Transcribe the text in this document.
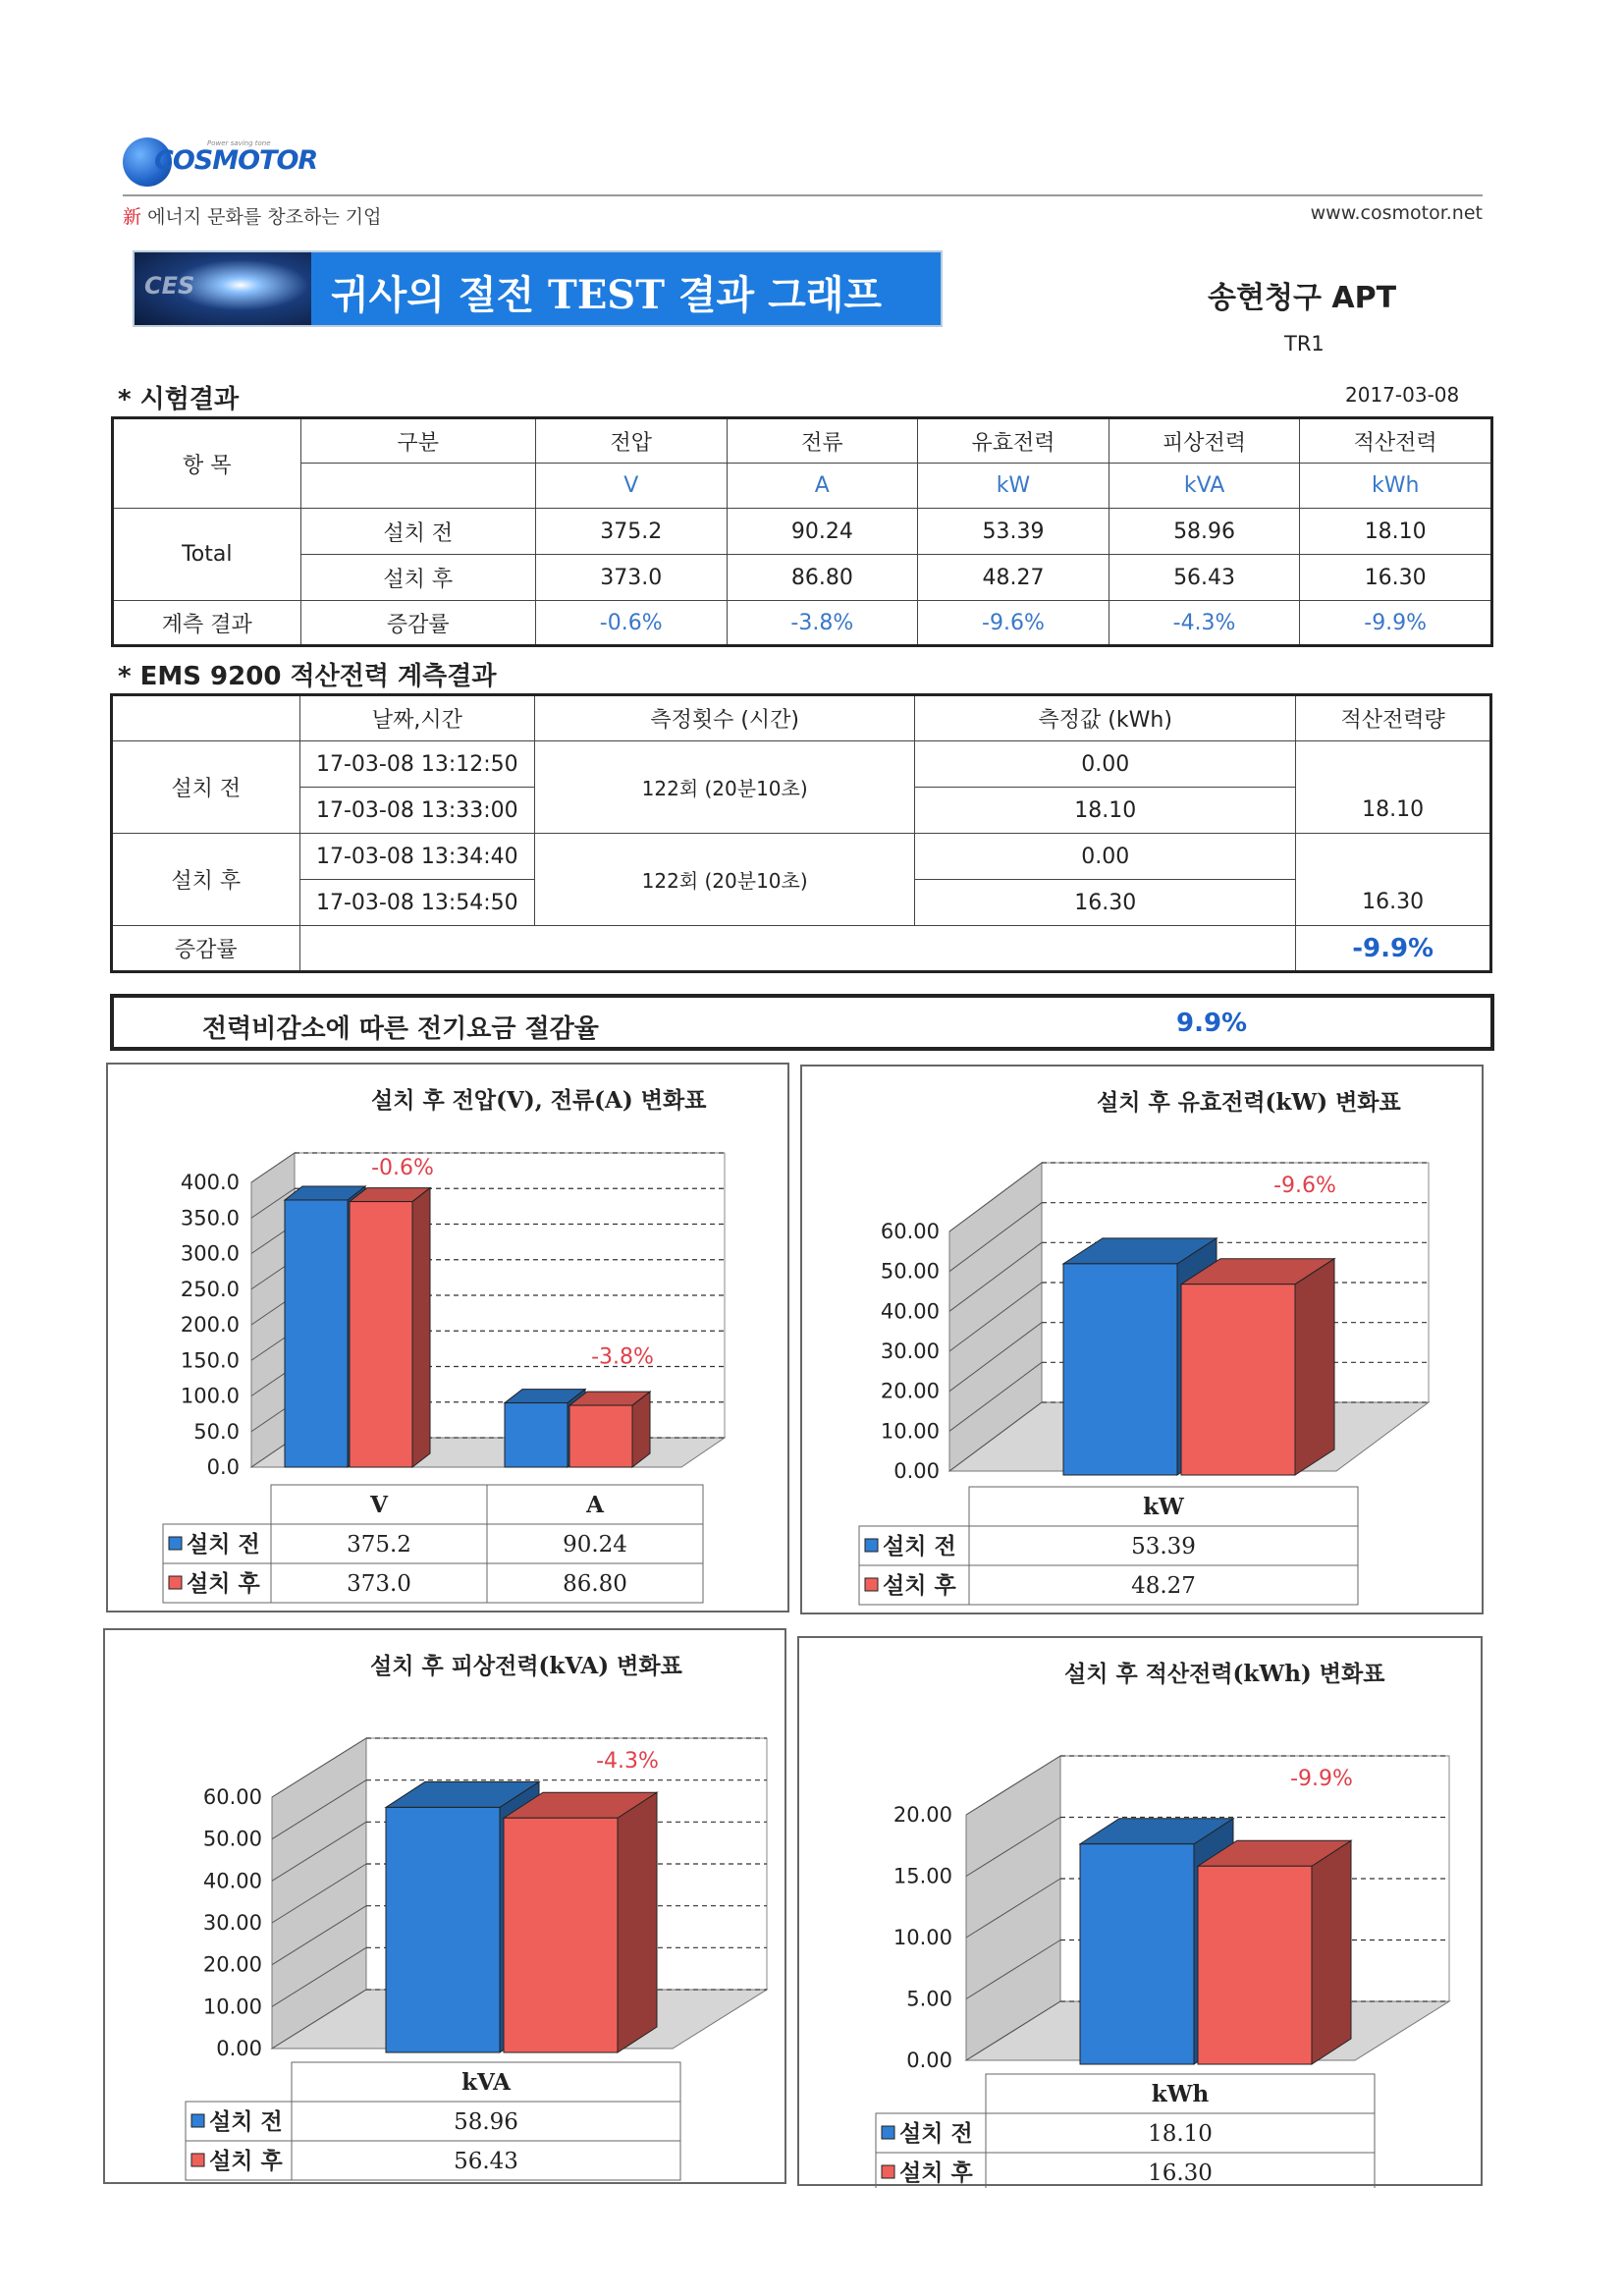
COSMOTOR
Power saving tone
新 에너지 문화를 창조하는 기업	www.cosmotor.net
CES	귀사의 절전 TEST 결과 그래프	송현청구 APT
TR1
* 시험결과	2017-03-08
항 목	구분	전압	전류	유효전력	피상전력	적산전력
		V	A	kW	kVA	kWh
Total	설치 전	375.2	90.24	53.39	58.96	18.10
	설치 후	373.0	86.80	48.27	56.43	16.30
계측 결과	증감률	-0.6%	-3.8%	-9.6%	-4.3%	-9.9%
* EMS 9200 적산전력 계측결과
	날짜,시간	측정횟수 (시간)	측정값 (kWh)	적산전력량
설치 전	17-03-08 13:12:50	122회 (20분10초)	0.00	
	17-03-08 13:33:00		18.10	18.10
설치 후	17-03-08 13:34:40	122회 (20분10초)	0.00	
	17-03-08 13:54:50		16.30	16.30
증감률				-9.9%
전력비감소에 따른 전기요금 절감율	9.9%
설치 후 전압(V), 전류(A) 변화표
0.0
50.0
100.0
150.0
200.0
250.0
300.0
350.0
400.0
-0.6%
-3.8%
V	A
설치 전	375.2	90.24
설치 후	373.0	86.80
설치 후 유효전력(kW) 변화표
0.00
10.00
20.00
30.00
40.00
50.00
60.00
-9.6%
kW
설치 전	53.39
설치 후	48.27
설치 후 피상전력(kVA) 변화표
0.00
10.00
20.00
30.00
40.00
50.00
60.00
-4.3%
kVA
설치 전	58.96
설치 후	56.43
설치 후 적산전력(kWh) 변화표
0.00
5.00
10.00
15.00
20.00
-9.9%
kWh
설치 전	18.10
설치 후	16.30
